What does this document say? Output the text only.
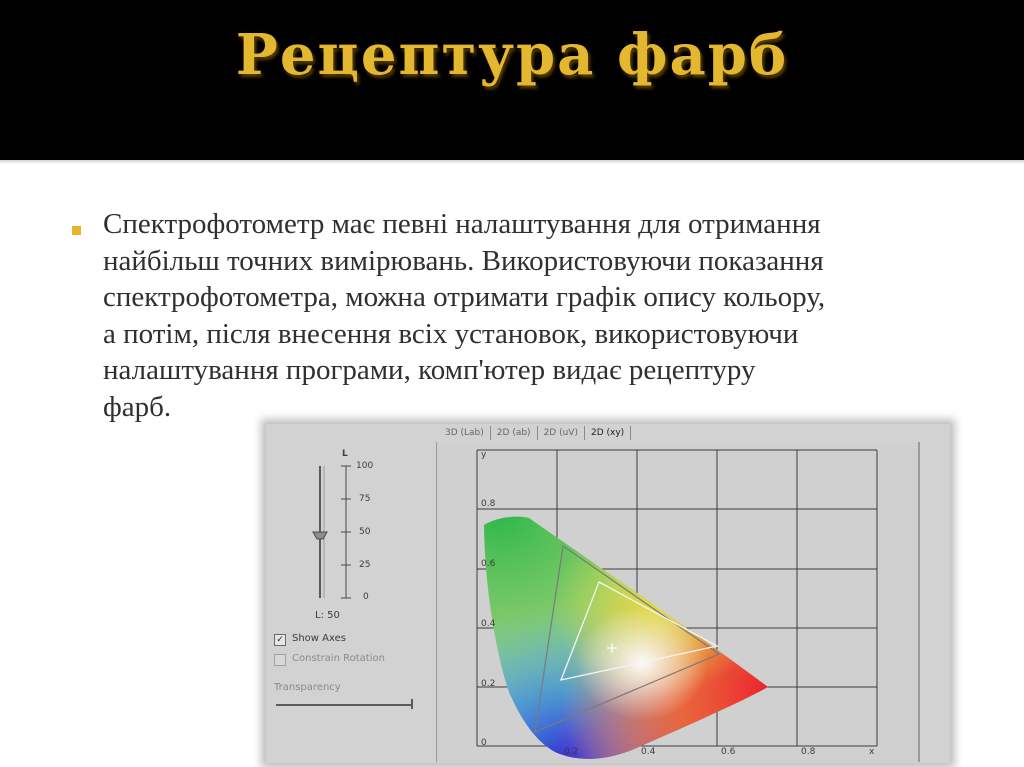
Рецептура фарб

Спектрофотометр має певні налаштування для отримання
найбільш точних вимірювань. Використовуючи показання
спектрофотометра, можна отримати графік опису кольору,
а потім, після внесення всіх установок, використовуючи
налаштування програми, комп'ютер видає рецептуру
фарб.

L
100
75
50
25
0
L: 50
✓ Show Axes
Constrain Rotation
Transparency
3D (Lab)	2D (ab)	2D (uV)	2D (xy)
y
0.8
0.6
0.4
0.2
0
0.2	0.4	0.6	0.8	x
